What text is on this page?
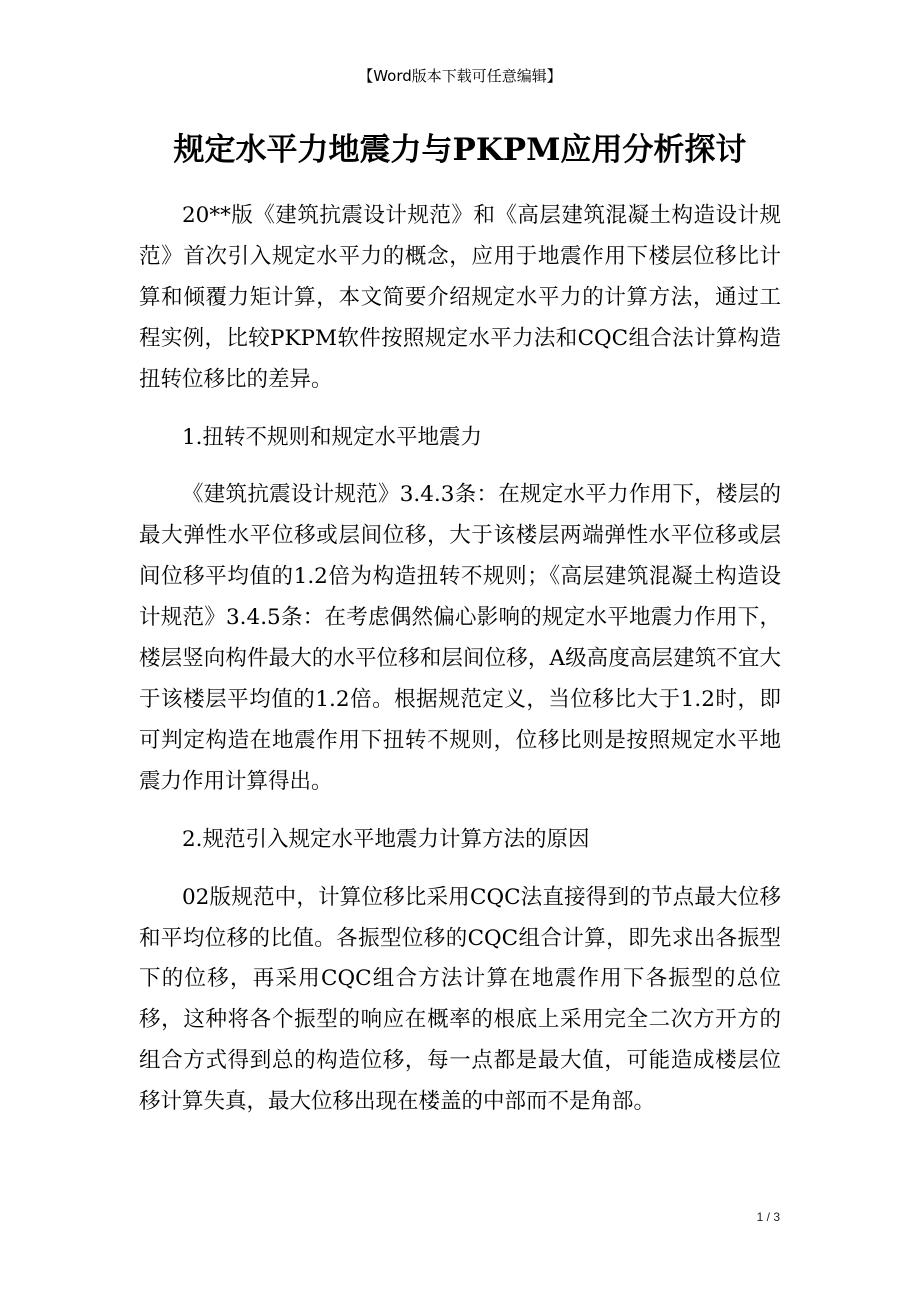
【Word版本下载可任意编辑】
规定水平力地震力与PKPM应用分析探讨

20**版《建筑抗震设计规范》和《高层建筑混凝土构造设计规范》首次引入规定水平力的概念，应用于地震作用下楼层位移比计算和倾覆力矩计算，本文简要介绍规定水平力的计算方法，通过工程实例，比较PKPM软件按照规定水平力法和CQC组合法计算构造扭转位移比的差异。

1.扭转不规则和规定水平地震力

《建筑抗震设计规范》3.4.3条：在规定水平力作用下，楼层的最大弹性水平位移或层间位移，大于该楼层两端弹性水平位移或层间位移平均值的1.2倍为构造扭转不规则；《高层建筑混凝土构造设计规范》3.4.5条：在考虑偶然偏心影响的规定水平地震力作用下，楼层竖向构件最大的水平位移和层间位移，A级高度高层建筑不宜大于该楼层平均值的1.2倍。根据规范定义，当位移比大于1.2时，即可判定构造在地震作用下扭转不规则，位移比则是按照规定水平地震力作用计算得出。

2.规范引入规定水平地震力计算方法的原因

02版规范中，计算位移比采用CQC法直接得到的节点最大位移和平均位移的比值。各振型位移的CQC组合计算，即先求出各振型下的位移，再采用CQC组合方法计算在地震作用下各振型的总位移，这种将各个振型的响应在概率的根底上采用完全二次方开方的组合方式得到总的构造位移，每一点都是最大值，可能造成楼层位移计算失真，最大位移出现在楼盖的中部而不是角部。

1 / 3
